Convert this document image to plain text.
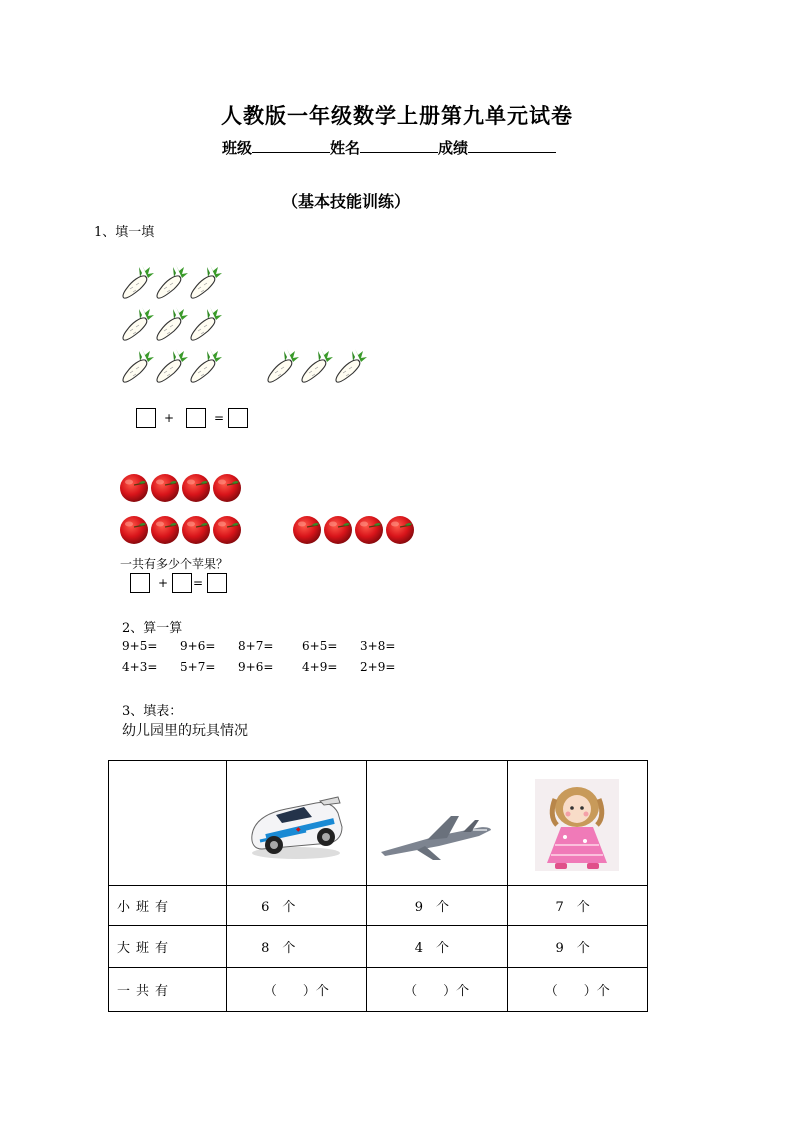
人教版一年级数学上册第九单元试卷
班级	姓名	成绩
（基本技能训练）
1、填一填
+	=
一共有多少个苹果？
+ =
2、算一算
9+5= 9+6= 8+7= 6+5= 3+8=
4+3= 5+7= 9+6= 4+9= 2+9=
3、填表：
幼儿园里的玩具情况

◆

小班有	6　个	9　个	7　个
大班有	8　个	4　个	9　个
一共有	（　　）个	（　　）个	（　　）个
